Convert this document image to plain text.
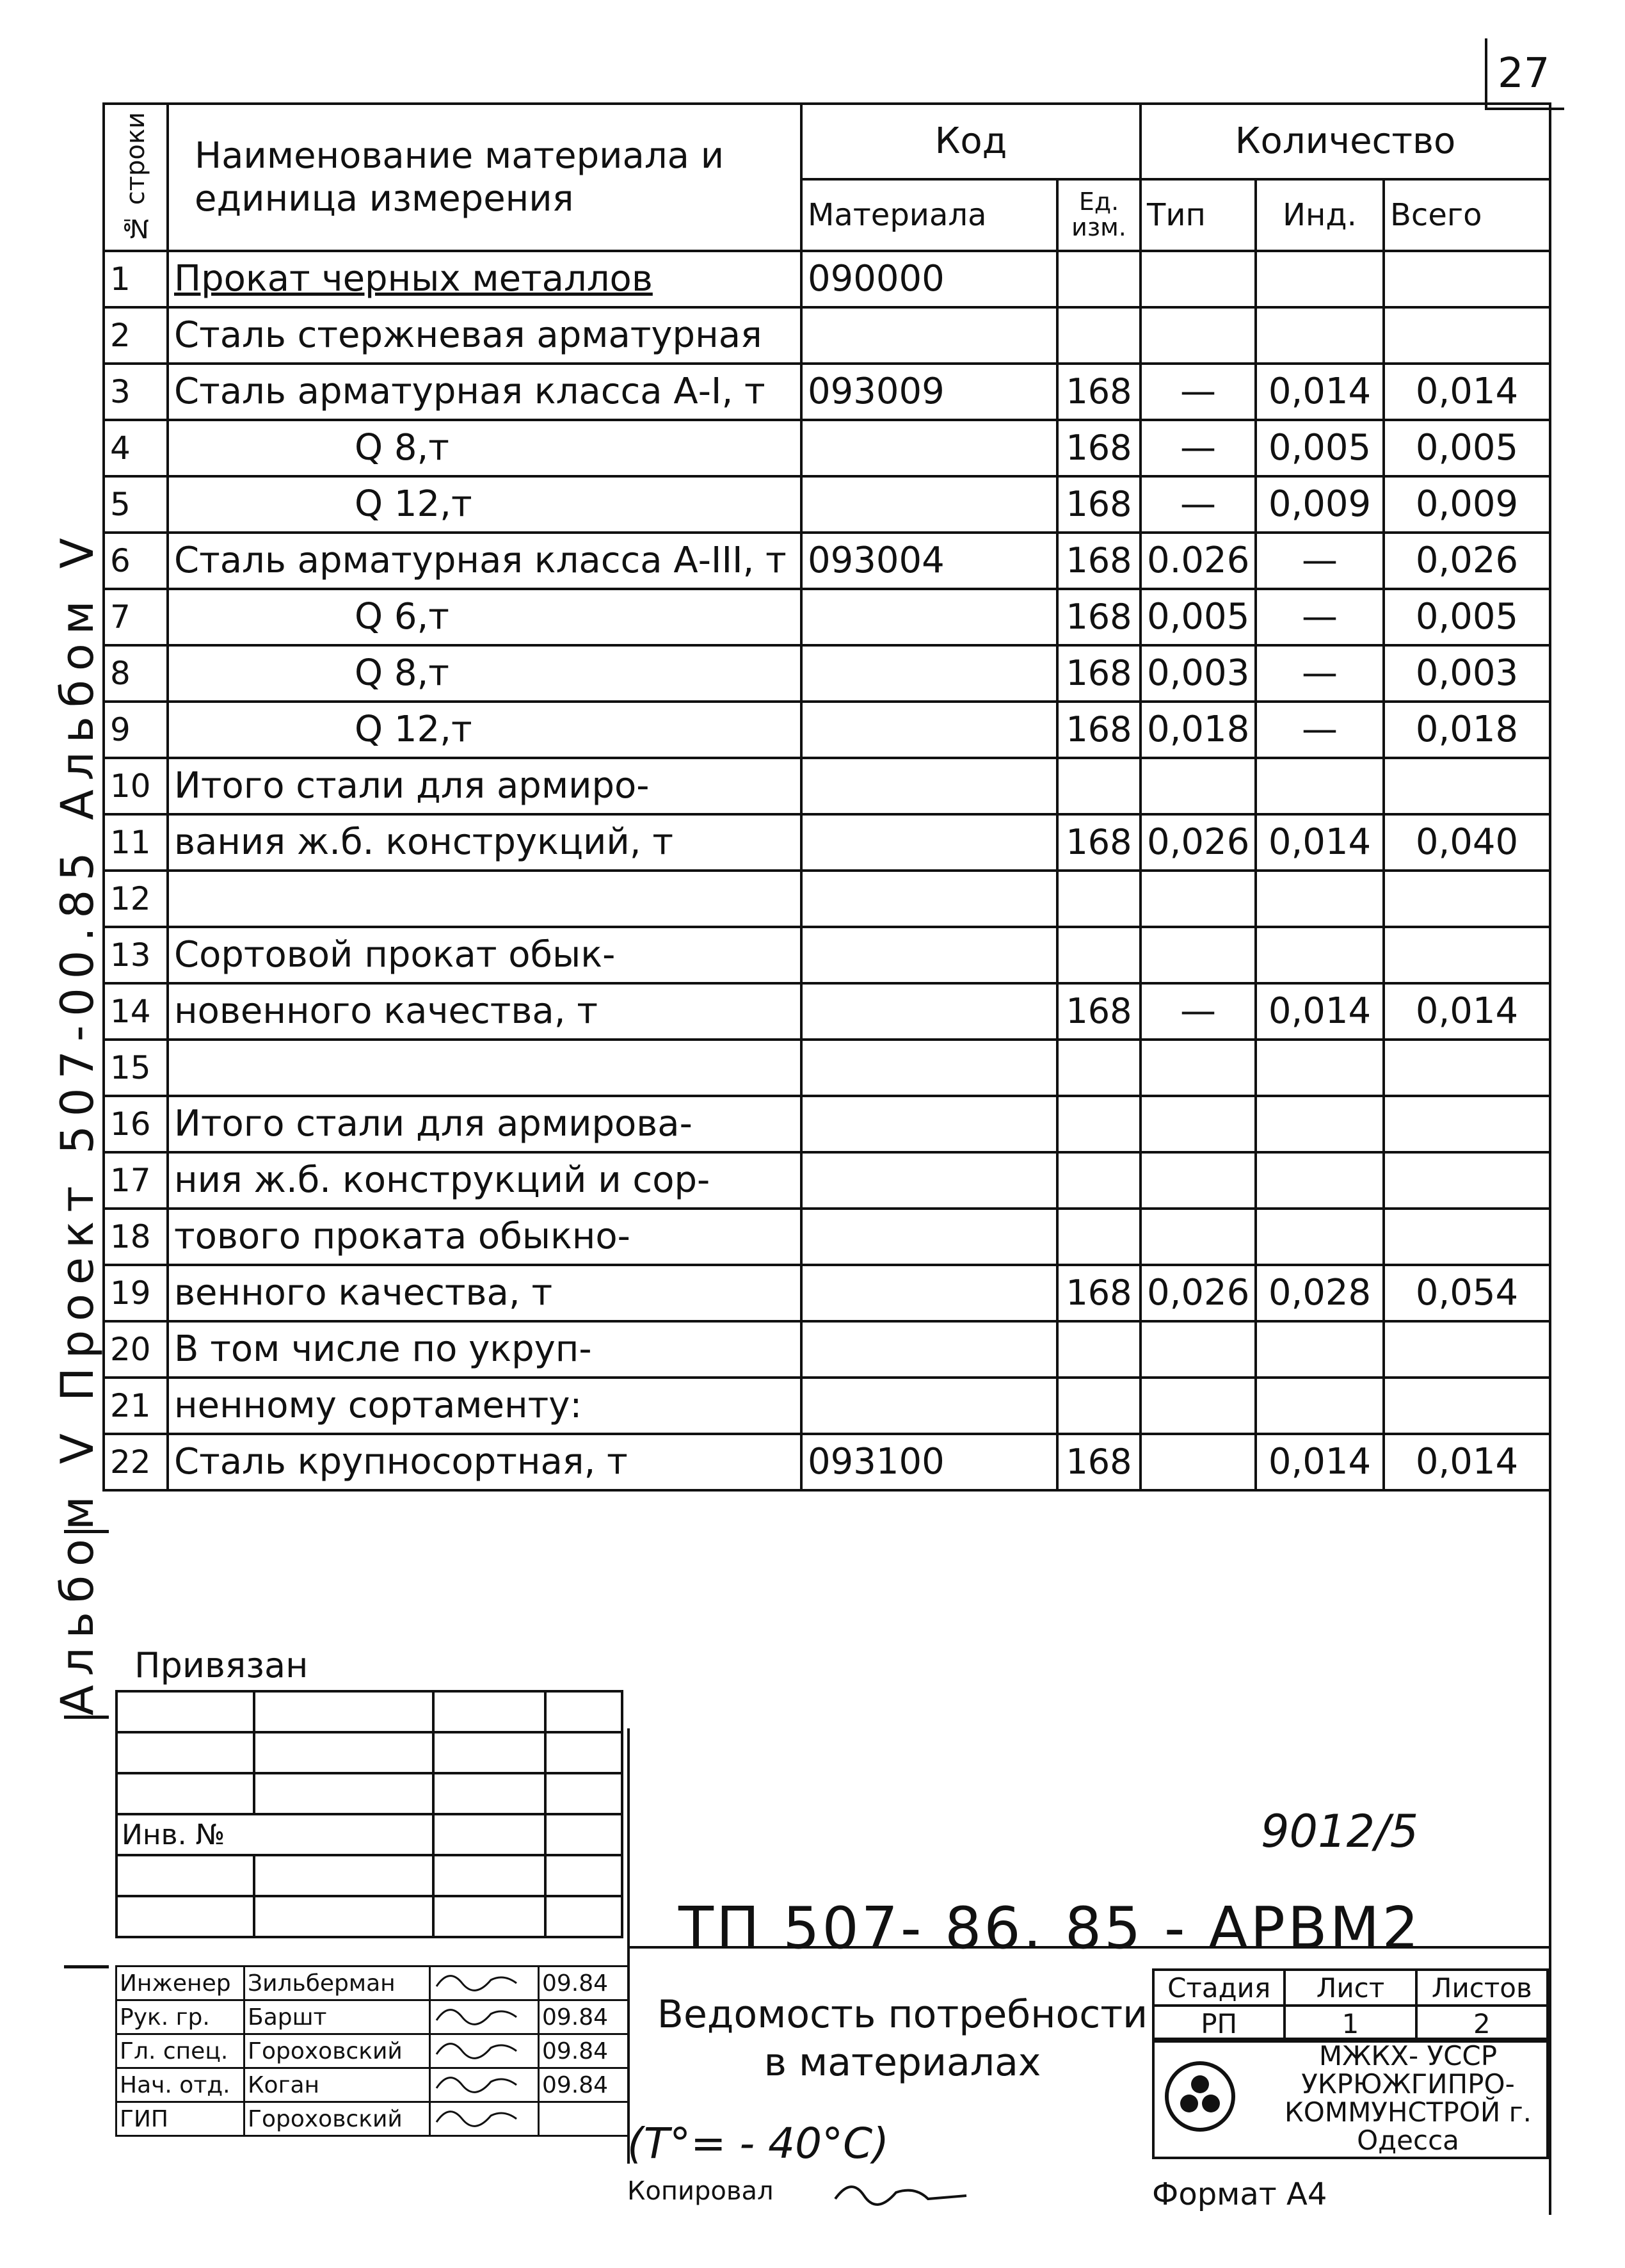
27
Альбом V Проект 507-00.85 Альбом V
№ строки	Наименование материала и единица измерения	Код		Количество		
		Материала	Ед. изм.	Тип	Инд.	Всего
1	Прокат черных металлов	090000				
2	Сталь стержневая арматурная					
3	Сталь арматурная класса А-I, т	093009	168	—	0,014	0,014
4	Q 8,т		168	—	0,005	0,005
5	Q 12,т		168	—	0,009	0,009
6	Сталь арматурная класса А-III, т	093004	168	0.026	—	0,026
7	Q 6,т		168	0,005	—	0,005
8	Q 8,т		168	0,003	—	0,003
9	Q 12,т		168	0,018	—	0,018
10	Итого стали для армиро-					
11	вания ж.б. конструкций, т		168	0,026	0,014	0,040
12						
13	Сортовой прокат обык-					
14	новенного качества, т		168	—	0,014	0,014
15						
16	Итого стали для армирова-					
17	ния ж.б. конструкций и сор-					
18	тового проката обыкно-					
19	венного качества, т		168	0,026	0,028	0,054
20	В том числе по укруп-					
21	ненному сортаменту:					
22	Сталь крупносортная, т	093100	168		0,014	0,014
Привязан

Инв. №			

				9012/5
ТП 507- 86. 85 - АРВМ2
Ведомость потребности в материалах
(Т°= - 40°С)
Стадия	Лист	Листов
РП	1	2
МЖКХ- УССР УКРЮЖГИПРО- КОММУНСТРОЙ г. Одесса
Инженер	Зильберман		09.84
Рук. гр.	Баршт		09.84
Гл. спец.	Гороховский		09.84
Нач. отд.	Коган		09.84
ГИП	Гороховский		
Копировал	Формат А4
